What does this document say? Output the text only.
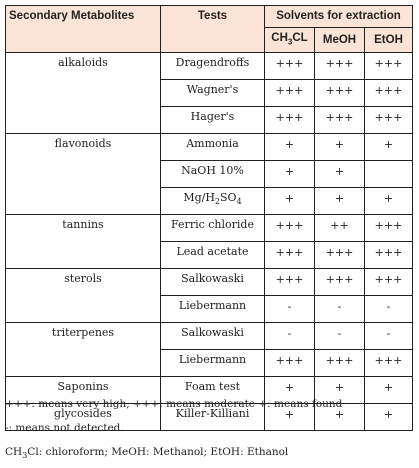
Secondary Metabolites	Tests	Solvents for extraction		
		$CH_3CL$	MeOH	EtOH
alkaloids	Dragendroffs	+++	+++	+++
	Wagner's	+++	+++	+++
	Hager's	+++	+++	+++
flavonoids	Ammonia	+	+	+
	NaOH 10%	+	+	
	$Mg/H_2SO_4$	+	+	+
tannins	Ferric chloride	+++	++	+++
	Lead acetate	+++	+++	+++
sterols	Salkowaski	+++	+++	+++
	Liebermann	-	-	-
triterpenes	Salkowaski	-	-	-
	Liebermann	+++	+++	+++
Saponins	Foam test	+	+	+
glycosides	Killer-Killiani	+	+	+

+++: means very high, +++: means moderate +: means found

-: means not detected.

$CH_3Cl$: chloroform; MeOH: Methanol; EtOH: Ethanol
